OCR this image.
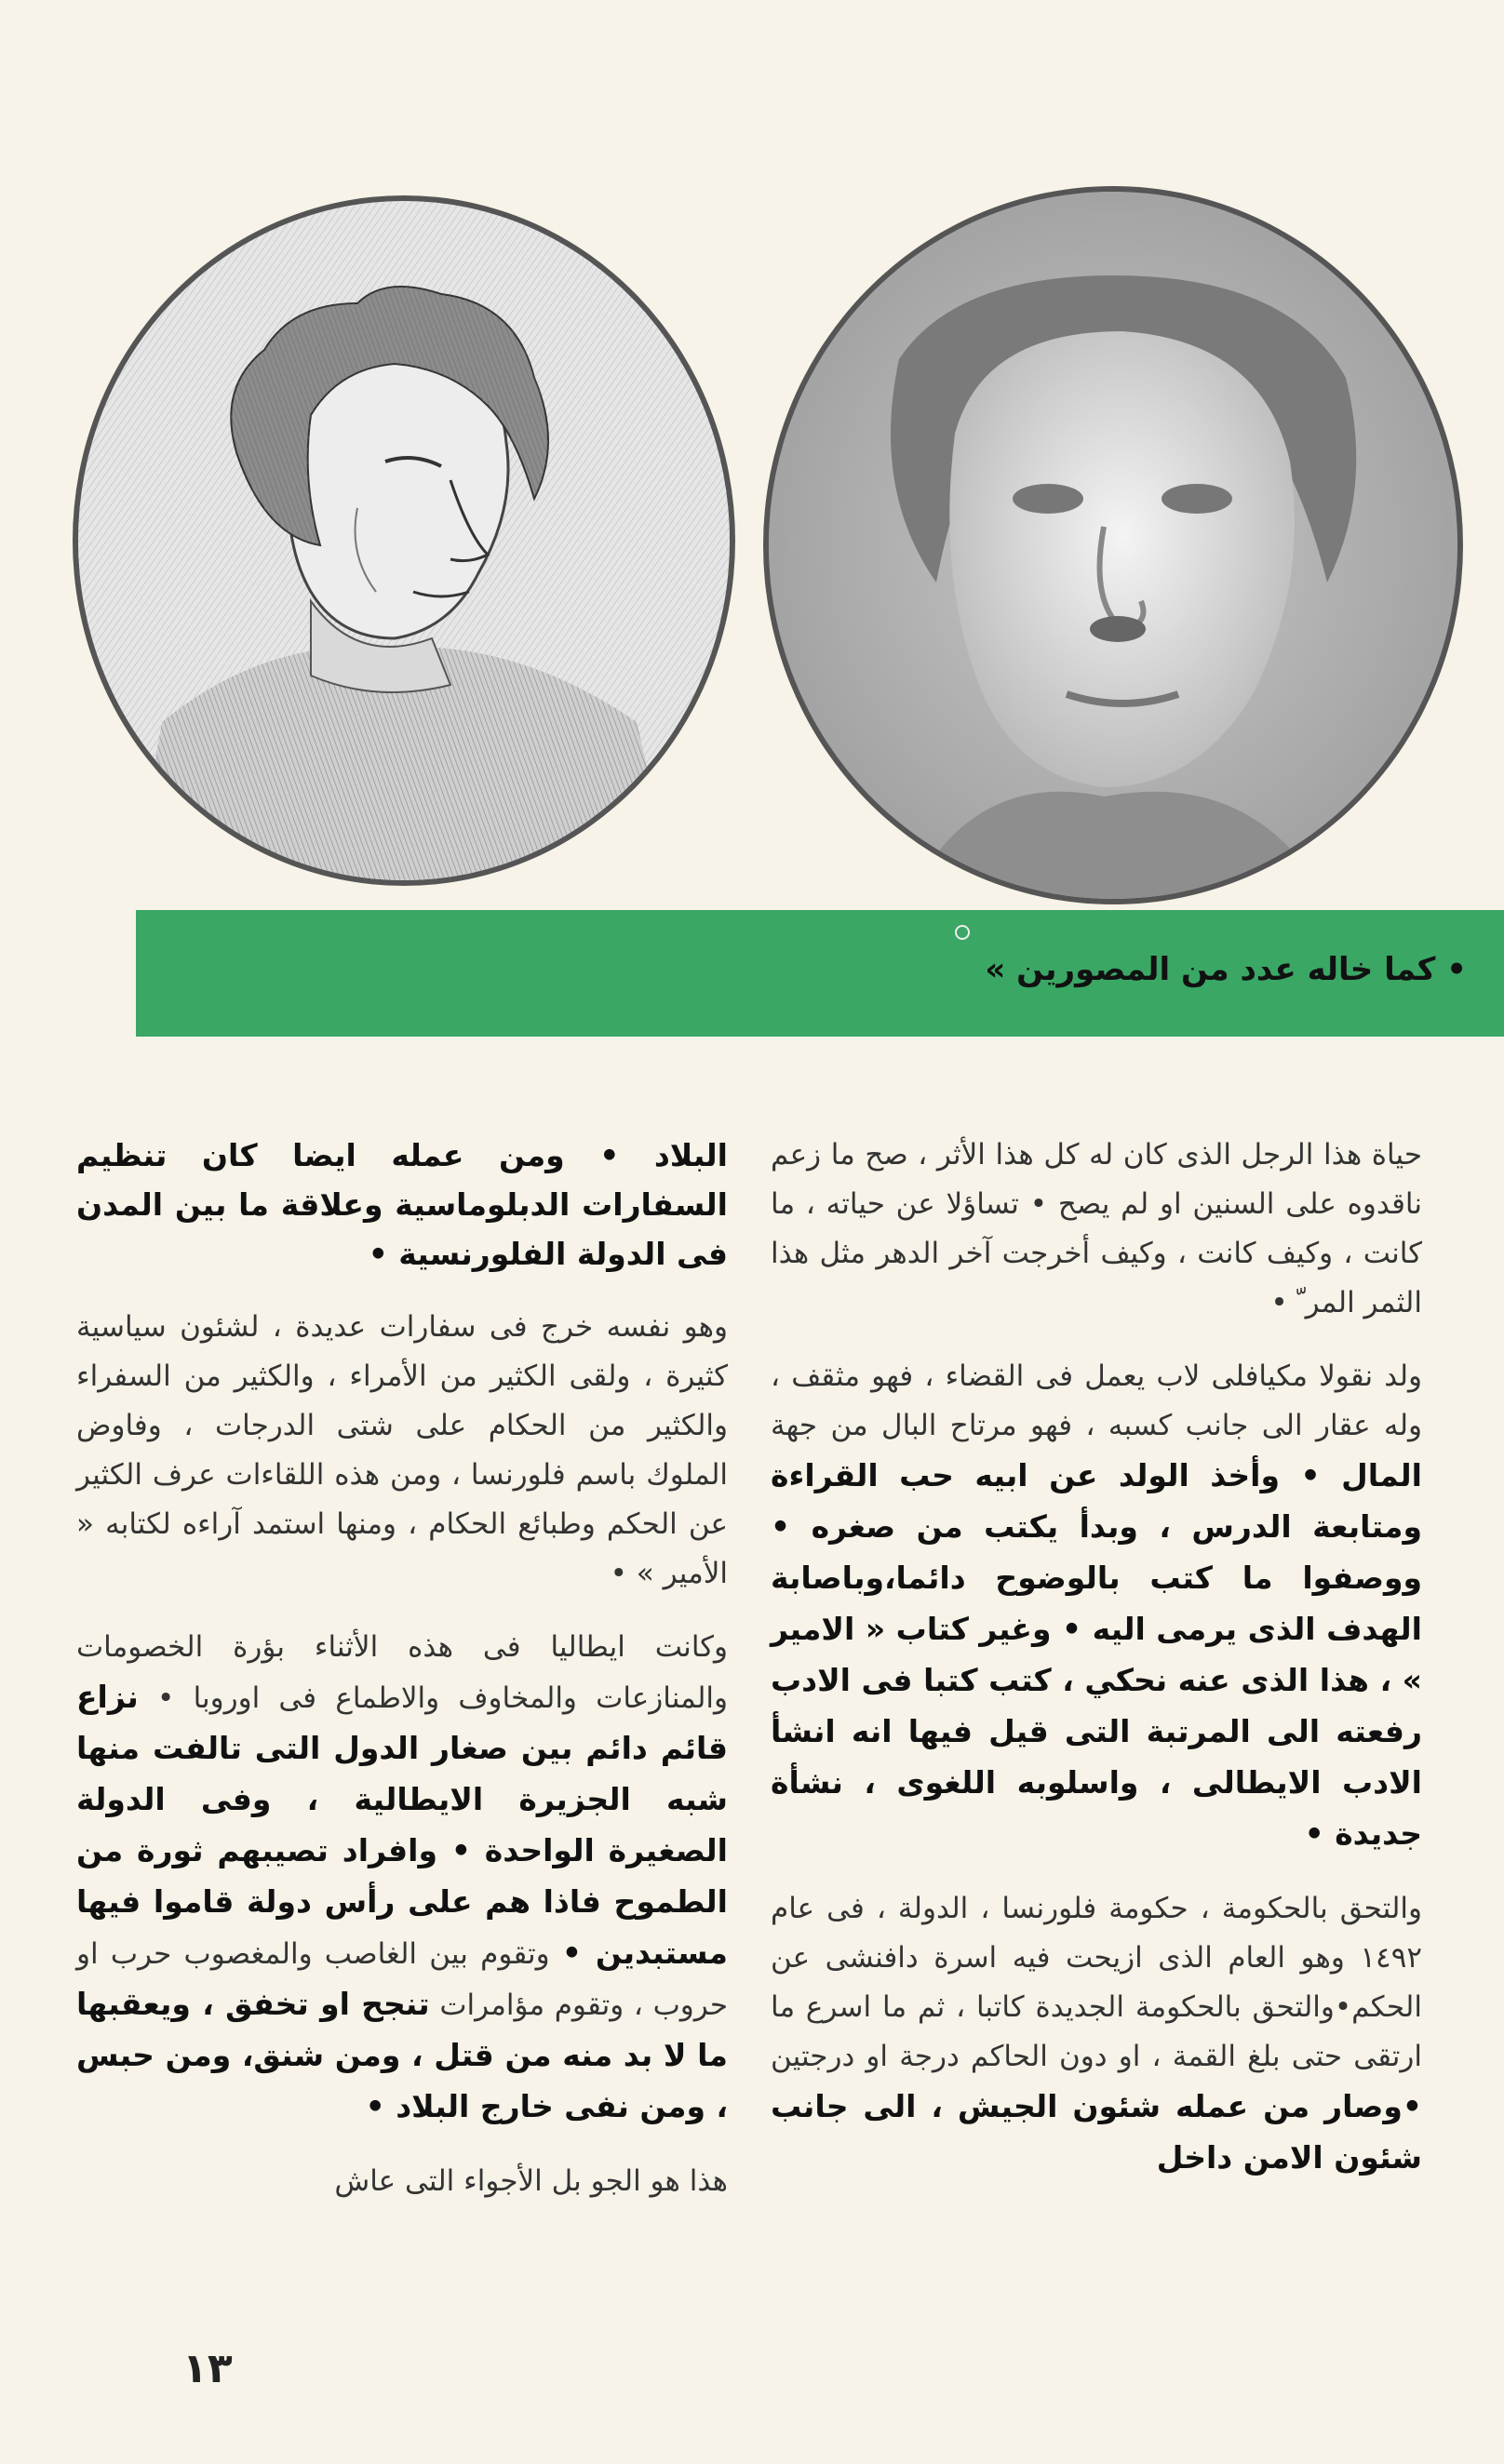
• كما خاله عدد من المصورين »

حياة هذا الرجل الذى كان له كل هذا الأثر ، صح ما زعم ناقدوه على السنين او لم يصح • تساؤلا عن حياته ، ما كانت ، وكيف كانت ، وكيف أخرجت آخر الدهر مثل هذا الثمر المر ّ •

ولد نقولا مكيافلى لاب يعمل فى القضاء ، فهو مثقف ، وله عقار الى جانب كسبه ، فهو مرتاح البال من جهة المال • وأخذ الولد عن ابيه حب القراءة ومتابعة الدرس ، وبدأ يكتب من صغره • ووصفوا ما كتب بالوضوح دائما،وباصابة الهدف الذى يرمى اليه • وغير كتاب « الامير » ، هذا الذى عنه نحكي ، كتب كتبا فى الادب رفعته الى المرتبة التى قيل فيها انه انشأ الادب الايطالى ، واسلوبه اللغوى ، نشأة جديدة •

والتحق بالحكومة ، حكومة فلورنسا ، الدولة ، فى عام ١٤٩٢ وهو العام الذى ازيحت فيه اسرة دافنشى عن الحكم•والتحق بالحكومة الجديدة كاتبا ، ثم ما اسرع ما ارتقى حتى بلغ القمة ، او دون الحاكم درجة او درجتين •وصار من عمله شئون الجيش ، الى جانب شئون الامن داخل

البلاد • ومن عمله ايضا كان تنظيم السفارات الدبلوماسية وعلاقة ما بين المدن فى الدولة الفلورنسية •

وهو نفسه خرج فى سفارات عديدة ، لشئون سياسية كثيرة ، ولقى الكثير من الأمراء ، والكثير من السفراء والكثير من الحكام على شتى الدرجات ، وفاوض الملوك باسم فلورنسا ، ومن هذه اللقاءات عرف الكثير عن الحكم وطبائع الحكام ، ومنها استمد آراءه لكتابه « الأمير » •

وكانت ايطاليا فى هذه الأثناء بؤرة الخصومات والمنازعات والمخاوف والاطماع فى اوروبا • نزاع قائم دائم بين صغار الدول التى تالفت منها شبه الجزيرة الايطالية ، وفى الدولة الصغيرة الواحدة • وافراد تصيبهم ثورة من الطموح فاذا هم على رأس دولة قاموا فيها مستبدين • وتقوم بين الغاصب والمغصوب حرب او حروب ، وتقوم مؤامرات تنجح او تخفق ، ويعقبها ما لا بد منه من قتل ، ومن شنق، ومن حبس ، ومن نفى خارج البلاد •

هذا هو الجو بل الأجواء التى عاش

١٣
